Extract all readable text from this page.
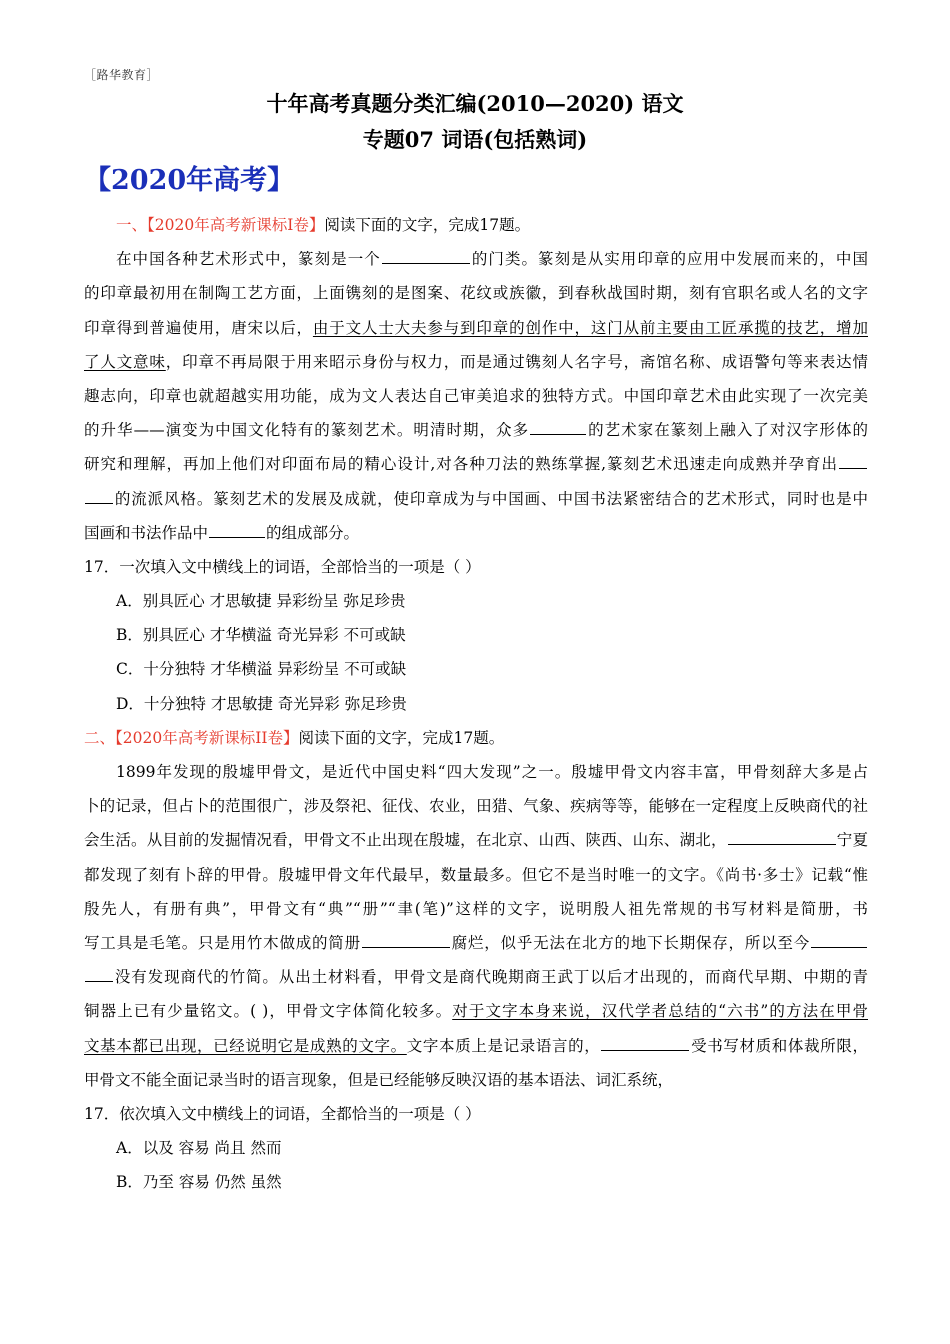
［路华教育］
十年高考真题分类汇编(2010—2020) 语文
专题07 词语(包括熟词)
【2020年高考】
一、【2020年高考新课标Ⅰ卷】阅读下面的文字，完成17题。
在中国各种艺术形式中，篆刻是一个	的门类。篆刻是从实用印章的应用中发展而来的，中国
的印章最初用在制陶工艺方面，上面镌刻的是图案、花纹或族徽，到春秋战国时期，刻有官职名或人名的文字
印章得到普遍使用，唐宋以后，由于文人士大夫参与到印章的创作中，这门从前主要由工匠承揽的技艺，增加
了人文意味，印章不再局限于用来昭示身份与权力，而是通过镌刻人名字号，斋馆名称、成语警句等来表达情
趣志向，印章也就超越实用功能，成为文人表达自己审美追求的独特方式。中国印章艺术由此实现了一次完美
的升华——演变为中国文化特有的篆刻艺术。明清时期，众多	的艺术家在篆刻上融入了对汉字形体的
研究和理解，再加上他们对印面布局的精心设计,对各种刀法的熟练掌握,篆刻艺术迅速走向成熟并孕育出
的流派风格。篆刻艺术的发展及成就，使印章成为与中国画、中国书法紧密结合的艺术形式，同时也是中
国画和书法作品中	的组成部分。
17．一次填入文中横线上的词语，全部恰当的一项是（ ）
A．别具匠心 才思敏捷 异彩纷呈 弥足珍贵
B．别具匠心 才华横溢 奇光异彩 不可或缺
C．十分独特 才华横溢 异彩纷呈 不可或缺
D．十分独特 才思敏捷 奇光异彩 弥足珍贵
二、【2020年高考新课标II卷】阅读下面的文字，完成17题。
1899年发现的殷墟甲骨文，是近代中国史料“四大发现”之一。殷墟甲骨文内容丰富，甲骨刻辞大多是占
卜的记录，但占卜的范围很广，涉及祭祀、征伐、农业，田猎、气象、疾病等等，能够在一定程度上反映商代的社
会生活。从目前的发掘情况看，甲骨文不止出现在殷墟，在北京、山西、陕西、山东、湖北，	宁夏
都发现了刻有卜辞的甲骨。殷墟甲骨文年代最早，数量最多。但它不是当时唯一的文字。《尚书·多士》记载“惟
殷先人，有册有典”，甲骨文有“典”“册”“聿(笔)”这样的文字，说明殷人祖先常规的书写材料是简册，书
写工具是毛笔。只是用竹木做成的简册	腐烂，似乎无法在北方的地下长期保存，所以至今
没有发现商代的竹简。从出土材料看，甲骨文是商代晚期商王武丁以后才出现的，而商代早期、中期的青
铜器上已有少量铭文。( )，甲骨文字体简化较多。对于文字本身来说，汉代学者总结的“六书”的方法在甲骨
文基本都已出现，已经说明它是成熟的文字。文字本质上是记录语言的，	受书写材质和体裁所限，
甲骨文不能全面记录当时的语言现象，但是已经能够反映汉语的基本语法、词汇系统，
17．依次填入文中横线上的词语，全都恰当的一项是（ ）
A．以及 容易 尚且 然而
B．乃至 容易 仍然 虽然
